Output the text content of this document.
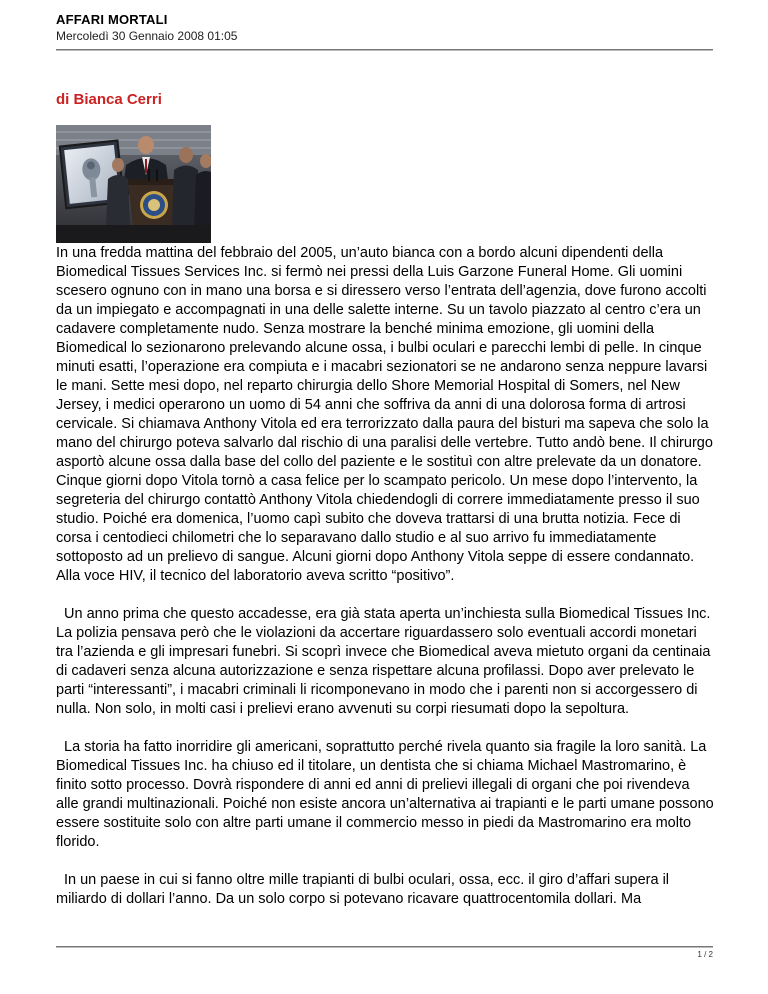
AFFARI MORTALI
Mercoledì 30 Gennaio 2008 01:05
di Bianca Cerri

In una fredda mattina del febbraio del 2005, un’auto bianca con a bordo alcuni dipendenti della Biomedical Tissues Services Inc. si fermò nei pressi della Luis Garzone Funeral Home. Gli uomini scesero ognuno con in mano una borsa e si diressero verso l’entrata dell’agenzia, dove furono accolti da un impiegato e accompagnati in una delle salette interne. Su un tavolo piazzato al centro c’era un cadavere completamente nudo. Senza mostrare la benché minima emozione, gli uomini della Biomedical lo sezionarono prelevando alcune ossa, i bulbi oculari e parecchi lembi di pelle. In cinque minuti esatti, l’operazione era compiuta e i macabri sezionatori se ne andarono senza neppure lavarsi le mani. Sette mesi dopo, nel reparto chirurgia dello Shore Memorial Hospital di Somers, nel New Jersey, i medici operarono un uomo di 54 anni che soffriva da anni di una dolorosa forma di artrosi cervicale. Si chiamava Anthony Vitola ed era terrorizzato dalla paura del bisturi ma sapeva che solo la mano del chirurgo poteva salvarlo dal rischio di una paralisi delle vertebre. Tutto andò bene. Il chirurgo asportò alcune ossa dalla base del collo del paziente e le sostituì con altre prelevate da un donatore. Cinque giorni dopo Vitola tornò a casa felice per lo scampato pericolo. Un mese dopo l’intervento, la segreteria del chirurgo contattò Anthony Vitola chiedendogli di correre immediatamente presso il suo studio. Poiché era domenica, l’uomo capì subito che doveva trattarsi di una brutta notizia. Fece di corsa i centodieci chilometri che lo separavano dallo studio e al suo arrivo fu immediatamente sottoposto ad un prelievo di sangue. Alcuni giorni dopo Anthony Vitola seppe di essere condannato. Alla voce HIV, il tecnico del laboratorio aveva scritto “positivo”.

Un anno prima che questo accadesse, era già stata aperta un’inchiesta sulla Biomedical Tissues Inc. La polizia pensava però che le violazioni da accertare riguardassero solo eventuali accordi monetari tra l’azienda e gli impresari funebri. Si scoprì invece che Biomedical aveva mietuto organi da centinaia di cadaveri senza alcuna autorizzazione e senza rispettare alcuna profilassi. Dopo aver prelevato le parti “interessanti”, i macabri criminali li ricomponevano in modo che i parenti non si accorgessero di nulla. Non solo, in molti casi i prelievi erano avvenuti su corpi riesumati dopo la sepoltura.

La storia ha fatto inorridire gli americani, soprattutto perché rivela quanto sia fragile la loro sanità. La Biomedical Tissues Inc. ha chiuso ed il titolare, un dentista che si chiama Michael Mastromarino, è finito sotto processo. Dovrà rispondere di anni ed anni di prelievi illegali di organi che poi rivendeva alle grandi multinazionali. Poiché non esiste ancora un’alternativa ai trapianti e le parti umane possono essere sostituite solo con altre parti umane il commercio messo in piedi da Mastromarino era molto florido.

In un paese in cui si fanno oltre mille trapianti di bulbi oculari, ossa, ecc. il giro d’affari supera il miliardo di dollari l’anno. Da un solo corpo si potevano ricavare quattrocentomila dollari. Ma

1 / 2
